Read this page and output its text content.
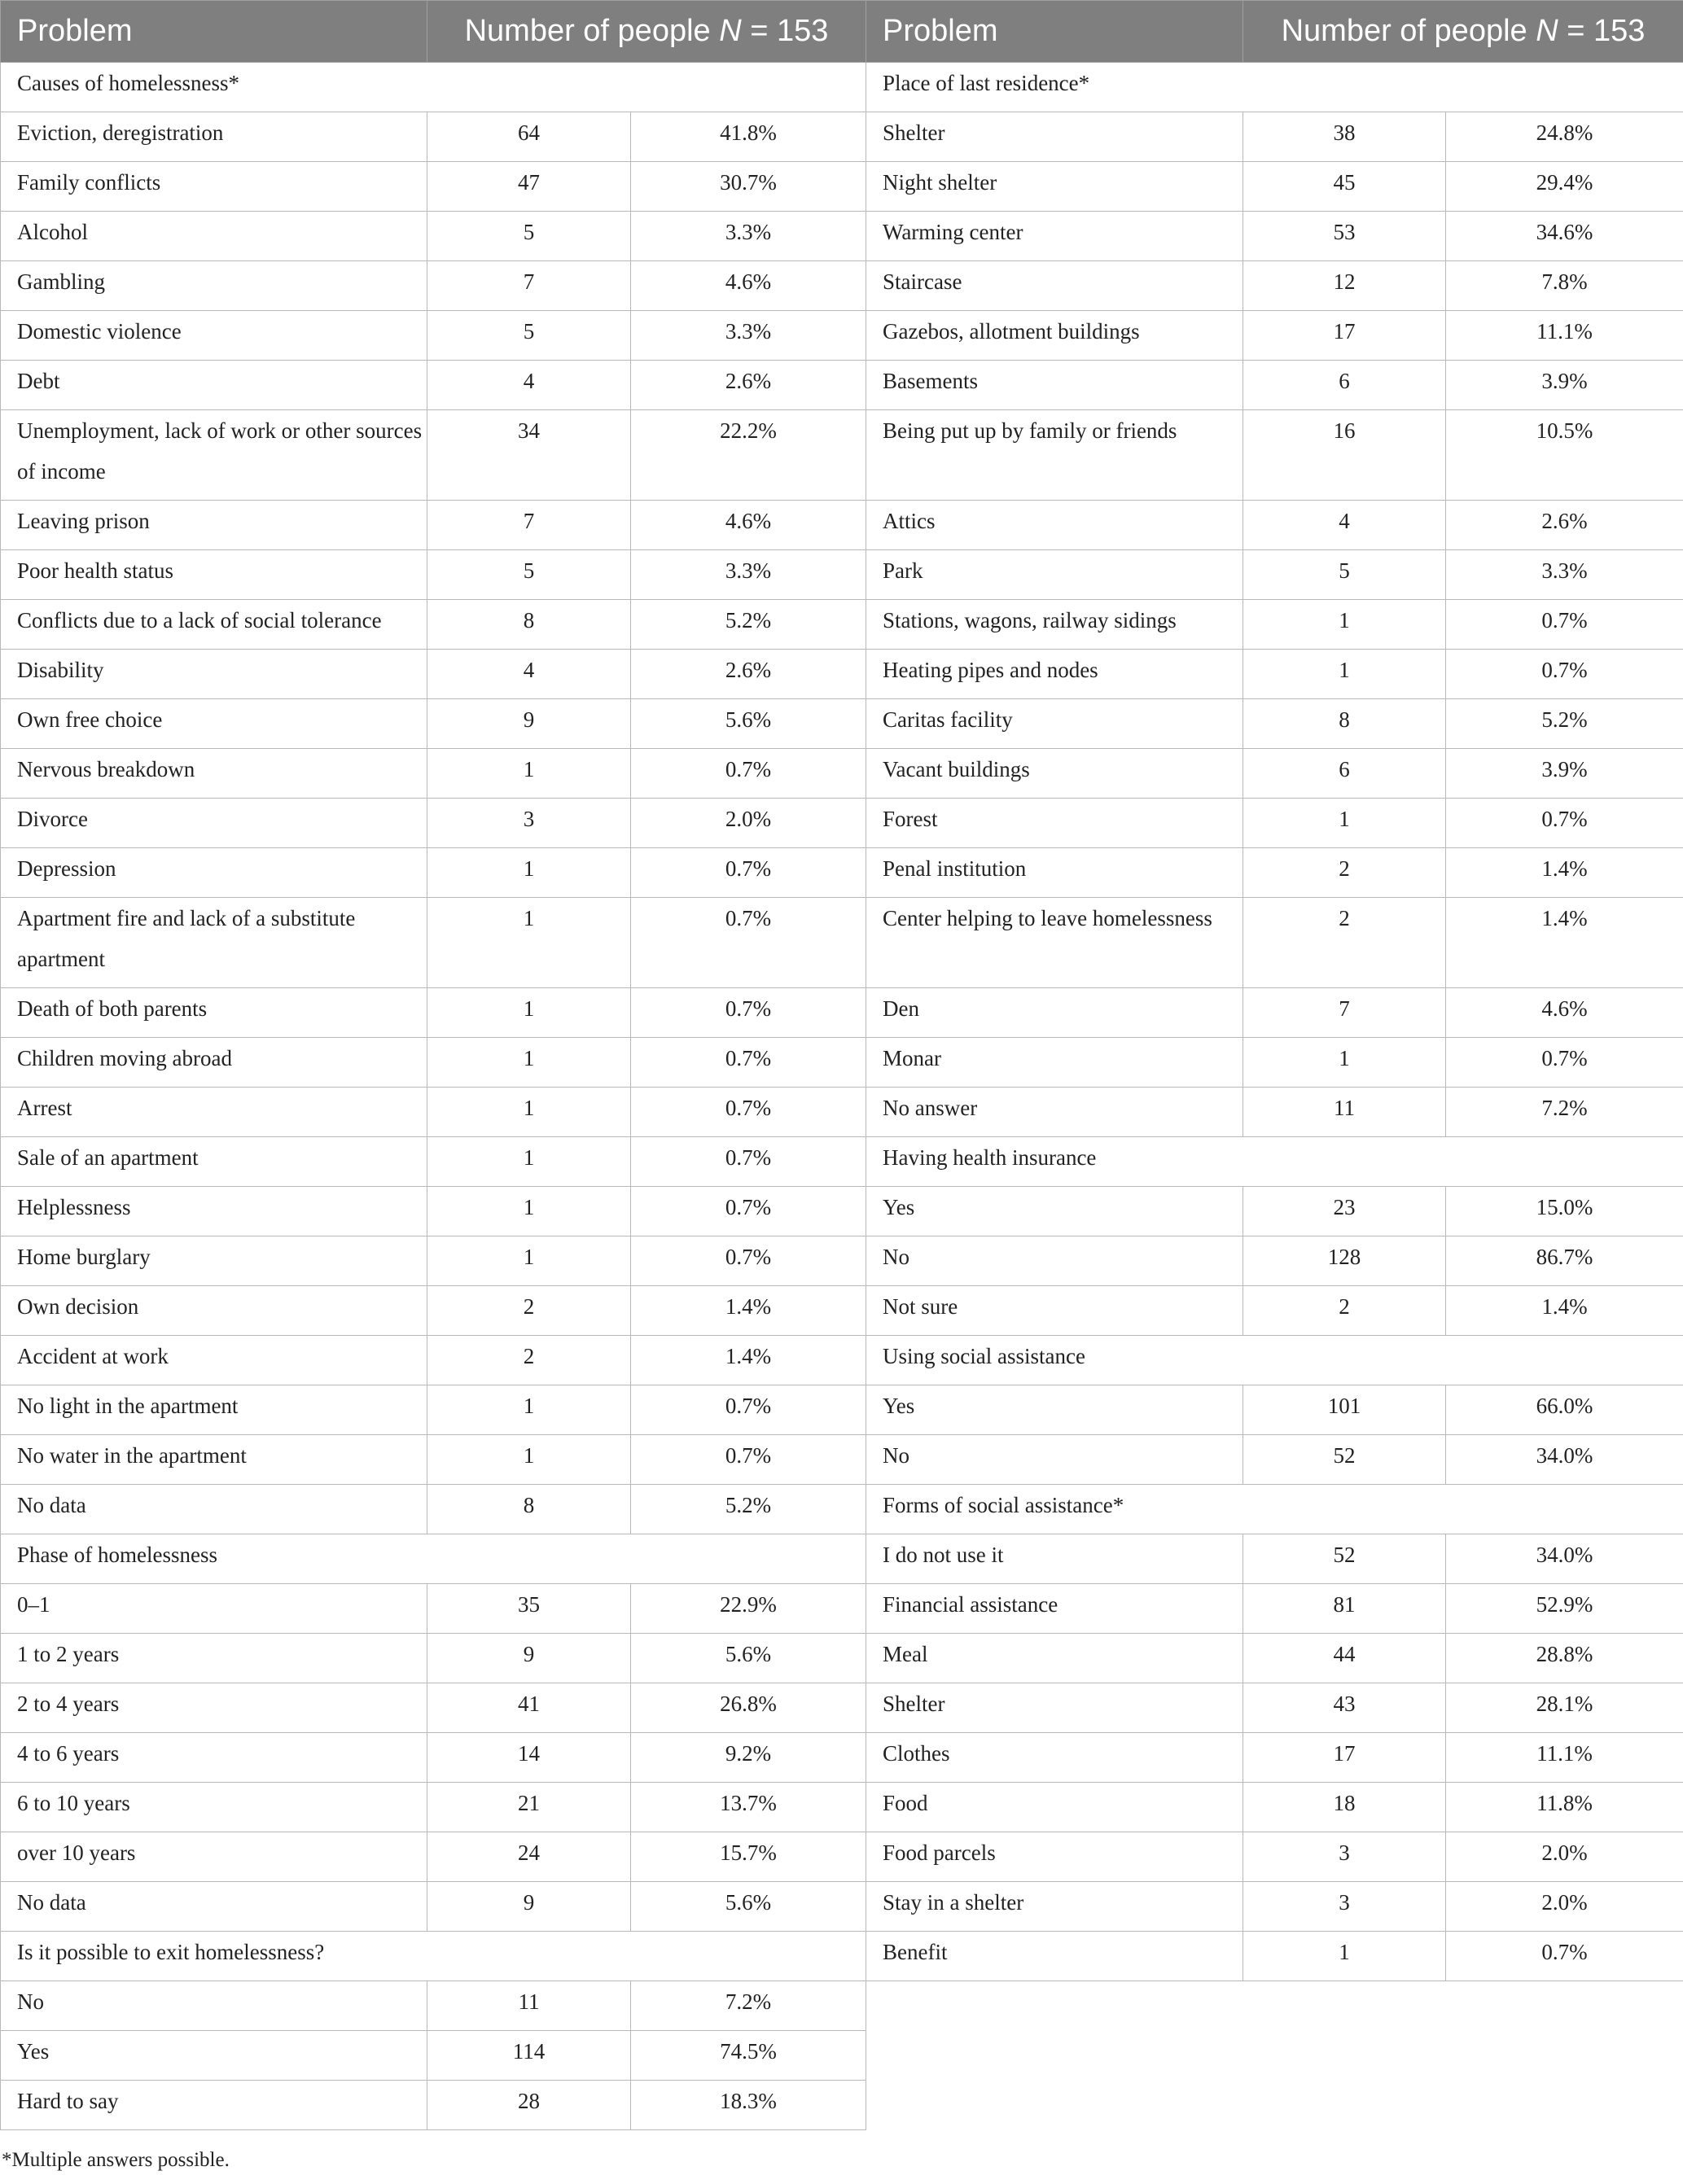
Problem	Number of people N = 153		Problem	Number of people N = 153	
Causes of homelessness*			Place of last residence*		
Eviction, deregistration	64	41.8%	Shelter	38	24.8%
Family conflicts	47	30.7%	Night shelter	45	29.4%
Alcohol	5	3.3%	Warming center	53	34.6%
Gambling	7	4.6%	Staircase	12	7.8%
Domestic violence	5	3.3%	Gazebos, allotment buildings	17	11.1%
Debt	4	2.6%	Basements	6	3.9%
Unemployment, lack of work or other sources of income	34	22.2%	Being put up by family or friends	16	10.5%
Leaving prison	7	4.6%	Attics	4	2.6%
Poor health status	5	3.3%	Park	5	3.3%
Conflicts due to a lack of social tolerance	8	5.2%	Stations, wagons, railway sidings	1	0.7%
Disability	4	2.6%	Heating pipes and nodes	1	0.7%
Own free choice	9	5.6%	Caritas facility	8	5.2%
Nervous breakdown	1	0.7%	Vacant buildings	6	3.9%
Divorce	3	2.0%	Forest	1	0.7%
Depression	1	0.7%	Penal institution	2	1.4%
Apartment fire and lack of a substitute apartment	1	0.7%	Center helping to leave homelessness	2	1.4%
Death of both parents	1	0.7%	Den	7	4.6%
Children moving abroad	1	0.7%	Monar	1	0.7%
Arrest	1	0.7%	No answer	11	7.2%
Sale of an apartment	1	0.7%	Having health insurance		
Helplessness	1	0.7%	Yes	23	15.0%
Home burglary	1	0.7%	No	128	86.7%
Own decision	2	1.4%	Not sure	2	1.4%
Accident at work	2	1.4%	Using social assistance		
No light in the apartment	1	0.7%	Yes	101	66.0%
No water in the apartment	1	0.7%	No	52	34.0%
No data	8	5.2%	Forms of social assistance*		
Phase of homelessness			I do not use it	52	34.0%
0–1	35	22.9%	Financial assistance	81	52.9%
1 to 2 years	9	5.6%	Meal	44	28.8%
2 to 4 years	41	26.8%	Shelter	43	28.1%
4 to 6 years	14	9.2%	Clothes	17	11.1%
6 to 10 years	21	13.7%	Food	18	11.8%
over 10 years	24	15.7%	Food parcels	3	2.0%
No data	9	5.6%	Stay in a shelter	3	2.0%
Is it possible to exit homelessness?			Benefit	1	0.7%
No	11	7.2%			
Yes	114	74.5%			
Hard to say	28	18.3%			
*Multiple answers possible.
